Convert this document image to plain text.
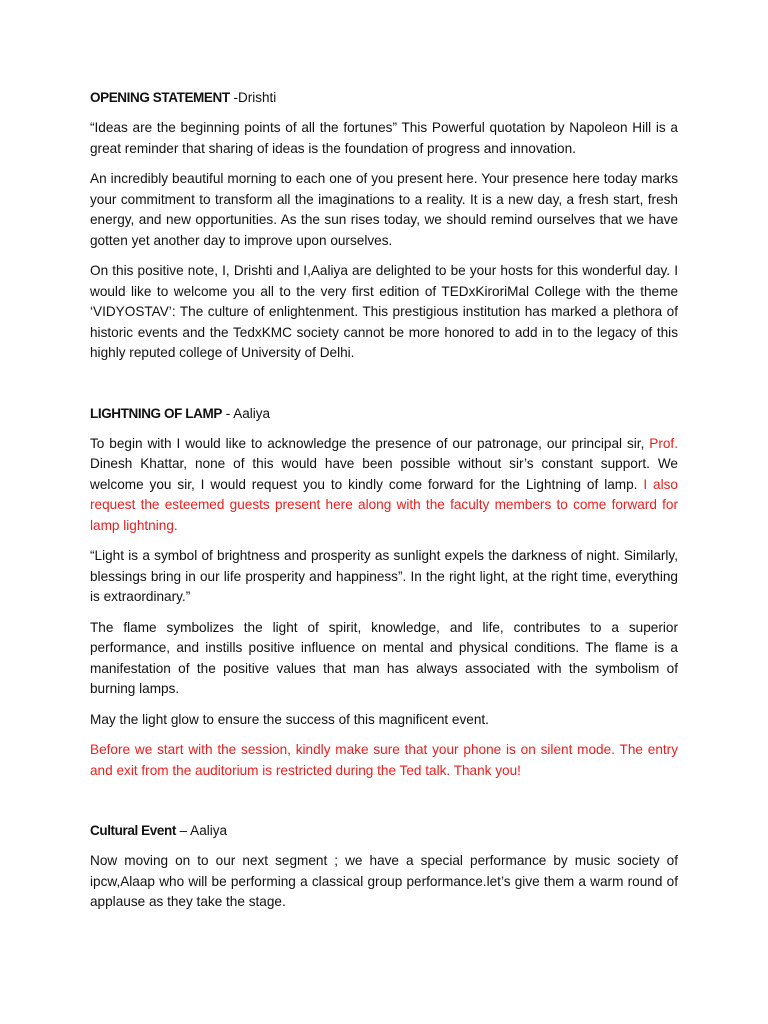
OPENING STATEMENT -Drishti

“Ideas are the beginning points of all the fortunes” This Powerful quotation by Napoleon Hill is a great reminder that sharing of ideas is the foundation of progress and innovation.

An incredibly beautiful morning to each one of you present here. Your presence here today marks your commitment to transform all the imaginations to a reality. It is a new day, a fresh start, fresh energy, and new opportunities. As the sun rises today, we should remind ourselves that we have gotten yet another day to improve upon ourselves.

On this positive note, I, Drishti and I,Aaliya are delighted to be your hosts for this wonderful day. I would like to welcome you all to the very first edition of TEDxKiroriMal College with the theme ‘VIDYOSTAV’: The culture of enlightenment. This prestigious institution has marked a plethora of historic events and the TedxKMC society cannot be more honored to add in to the legacy of this highly reputed college of University of Delhi.

LIGHTNING OF LAMP - Aaliya

To begin with I would like to acknowledge the presence of our patronage, our principal sir, Prof. Dinesh Khattar, none of this would have been possible without sir’s constant support. We welcome you sir, I would request you to kindly come forward for the Lightning of lamp. I also request the esteemed guests present here along with the faculty members to come forward for lamp lightning.

“Light is a symbol of brightness and prosperity as sunlight expels the darkness of night. Similarly, blessings bring in our life prosperity and happiness”. In the right light, at the right time, everything is extraordinary.”

The flame symbolizes the light of spirit, knowledge, and life, contributes to a superior performance, and instills positive influence on mental and physical conditions. The flame is a manifestation of the positive values that man has always associated with the symbolism of burning lamps.

May the light glow to ensure the success of this magnificent event.

Before we start with the session, kindly make sure that your phone is on silent mode. The entry and exit from the auditorium is restricted during the Ted talk. Thank you!

Cultural Event – Aaliya

Now moving on to our next segment ; we have a special performance by music society of ipcw,Alaap who will be performing a classical group performance.let’s give them a warm round of applause as they take the stage.
